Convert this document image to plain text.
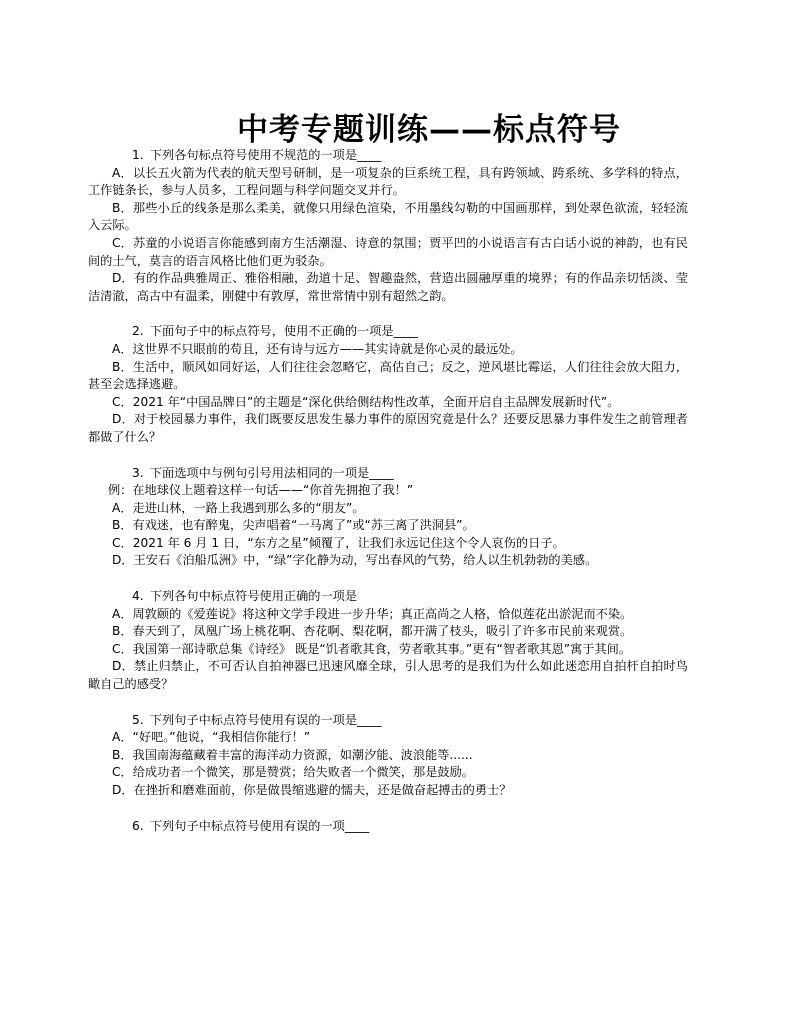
中考专题训练——标点符号
1. 下列各句标点符号使用不规范的一项是____
A．以长五火箭为代表的航天型号研制，是一项复杂的巨系统工程，具有跨领域、跨系统、多学科的特点，工作链条长，参与人员多，工程问题与科学问题交叉并行。
B．那些小丘的线条是那么柔美，就像只用绿色渲染，不用墨线勾勒的中国画那样，到处翠色欲流，轻轻流入云际。
C．苏童的小说语言你能感到南方生活潮湿、诗意的氛围；贾平凹的小说语言有古白话小说的神韵，也有民间的土气，莫言的语言风格比他们更为驳杂。
D．有的作品典雅周正、雅俗相融，劲道十足、智趣盎然，营造出圆融厚重的境界；有的作品亲切恬淡、莹洁清澈，高古中有温柔，刚健中有敦厚，常世常情中别有超然之韵。
2. 下面句子中的标点符号，使用不正确的一项是____
A．这世界不只眼前的苟且，还有诗与远方——其实诗就是你心灵的最远处。
B．生活中，顺风如同好运，人们往往会忽略它，高估自己；反之，逆风堪比霉运，人们往往会放大阻力，甚至会选择逃避。
C．2021 年“中国品牌日”的主题是“深化供给侧结构性改革，全面开启自主品牌发展新时代”。
D．对于校园暴力事件，我们既要反思发生暴力事件的原因究竟是什么？还要反思暴力事件发生之前管理者都做了什么？
3. 下面选项中与例句引号用法相同的一项是____
例：在地球仪上题着这样一句话——“你首先拥抱了我！”
A．走进山林，一路上我遇到那么多的“朋友”。
B．有戏迷，也有醉鬼，尖声唱着“一马离了”或“苏三离了洪洞县”。
C．2021 年 6 月 1 日，“东方之星”倾覆了，让我们永远记住这个令人哀伤的日子。
D．王安石《泊船瓜洲》中，“绿”字化静为动，写出春风的气势，给人以生机勃勃的美感。
4. 下列各句中标点符号使用正确的一项是
A．周敦颐的《爱莲说》将这种文学手段进一步升华；真正高尚之人格，恰似莲花出淤泥而不染。
B．春天到了，凤凰广场上桃花啊、杏花啊、梨花啊，都开满了枝头，吸引了许多市民前来观赏。
C．我国第一部诗歌总集《诗经》 既是“饥者歌其食，劳者歌其事。”更有“智者歌其恩”寓于其间。
D．禁止归禁止，不可否认自拍神器已迅速风靡全球，引人思考的是我们为什么如此迷恋用自拍杆自拍时鸟瞰自己的感受？
5. 下列句子中标点符号使用有误的一项是____
A．“好吧。”他说，“我相信你能行！”
B．我国南海蕴藏着丰富的海洋动力资源，如潮汐能、波浪能等......
C．给成功者一个微笑，那是赞赏；给失败者一个微笑，那是鼓励。
D．在挫折和磨难面前，你是做畏缩逃避的懦夫，还是做奋起搏击的勇士？
6. 下列句子中标点符号使用有误的一项____
